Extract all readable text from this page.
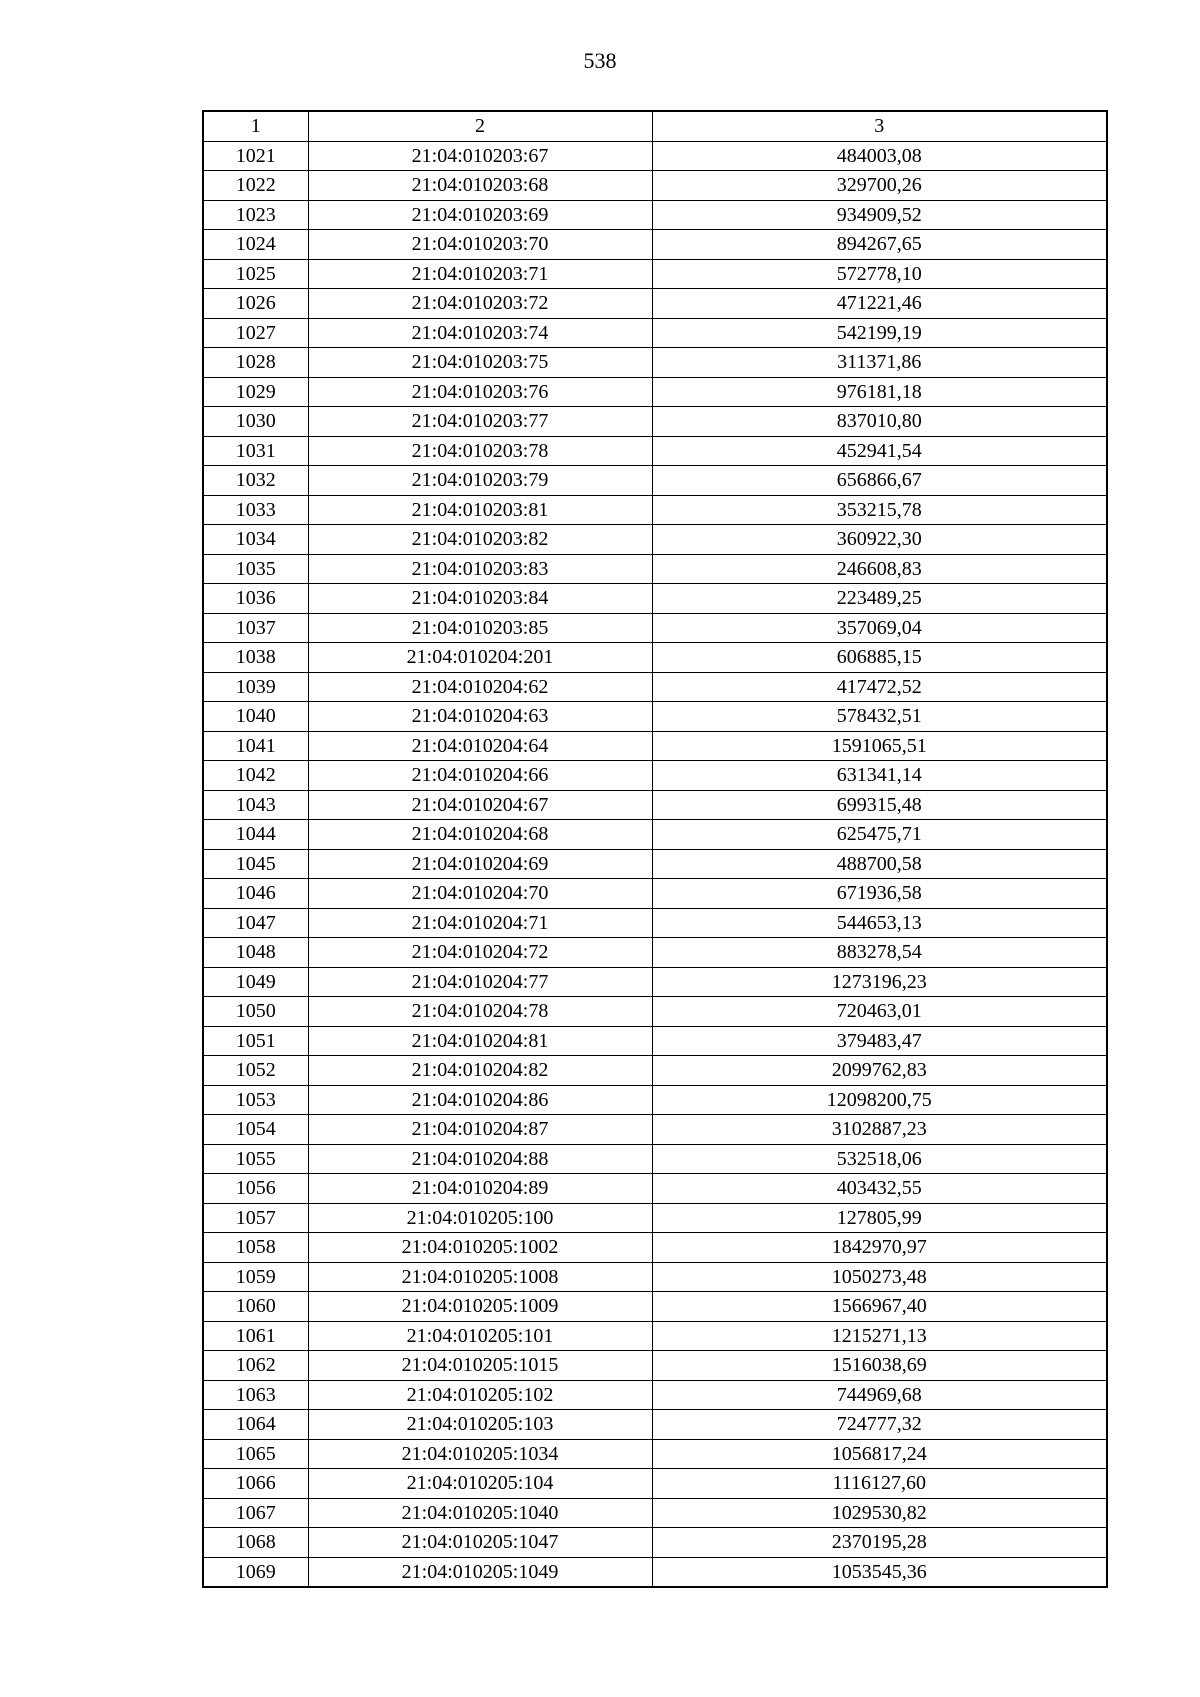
538
1	2	3
1021	21:04:010203:67	484003,08
1022	21:04:010203:68	329700,26
1023	21:04:010203:69	934909,52
1024	21:04:010203:70	894267,65
1025	21:04:010203:71	572778,10
1026	21:04:010203:72	471221,46
1027	21:04:010203:74	542199,19
1028	21:04:010203:75	311371,86
1029	21:04:010203:76	976181,18
1030	21:04:010203:77	837010,80
1031	21:04:010203:78	452941,54
1032	21:04:010203:79	656866,67
1033	21:04:010203:81	353215,78
1034	21:04:010203:82	360922,30
1035	21:04:010203:83	246608,83
1036	21:04:010203:84	223489,25
1037	21:04:010203:85	357069,04
1038	21:04:010204:201	606885,15
1039	21:04:010204:62	417472,52
1040	21:04:010204:63	578432,51
1041	21:04:010204:64	1591065,51
1042	21:04:010204:66	631341,14
1043	21:04:010204:67	699315,48
1044	21:04:010204:68	625475,71
1045	21:04:010204:69	488700,58
1046	21:04:010204:70	671936,58
1047	21:04:010204:71	544653,13
1048	21:04:010204:72	883278,54
1049	21:04:010204:77	1273196,23
1050	21:04:010204:78	720463,01
1051	21:04:010204:81	379483,47
1052	21:04:010204:82	2099762,83
1053	21:04:010204:86	12098200,75
1054	21:04:010204:87	3102887,23
1055	21:04:010204:88	532518,06
1056	21:04:010204:89	403432,55
1057	21:04:010205:100	127805,99
1058	21:04:010205:1002	1842970,97
1059	21:04:010205:1008	1050273,48
1060	21:04:010205:1009	1566967,40
1061	21:04:010205:101	1215271,13
1062	21:04:010205:1015	1516038,69
1063	21:04:010205:102	744969,68
1064	21:04:010205:103	724777,32
1065	21:04:010205:1034	1056817,24
1066	21:04:010205:104	1116127,60
1067	21:04:010205:1040	1029530,82
1068	21:04:010205:1047	2370195,28
1069	21:04:010205:1049	1053545,36
